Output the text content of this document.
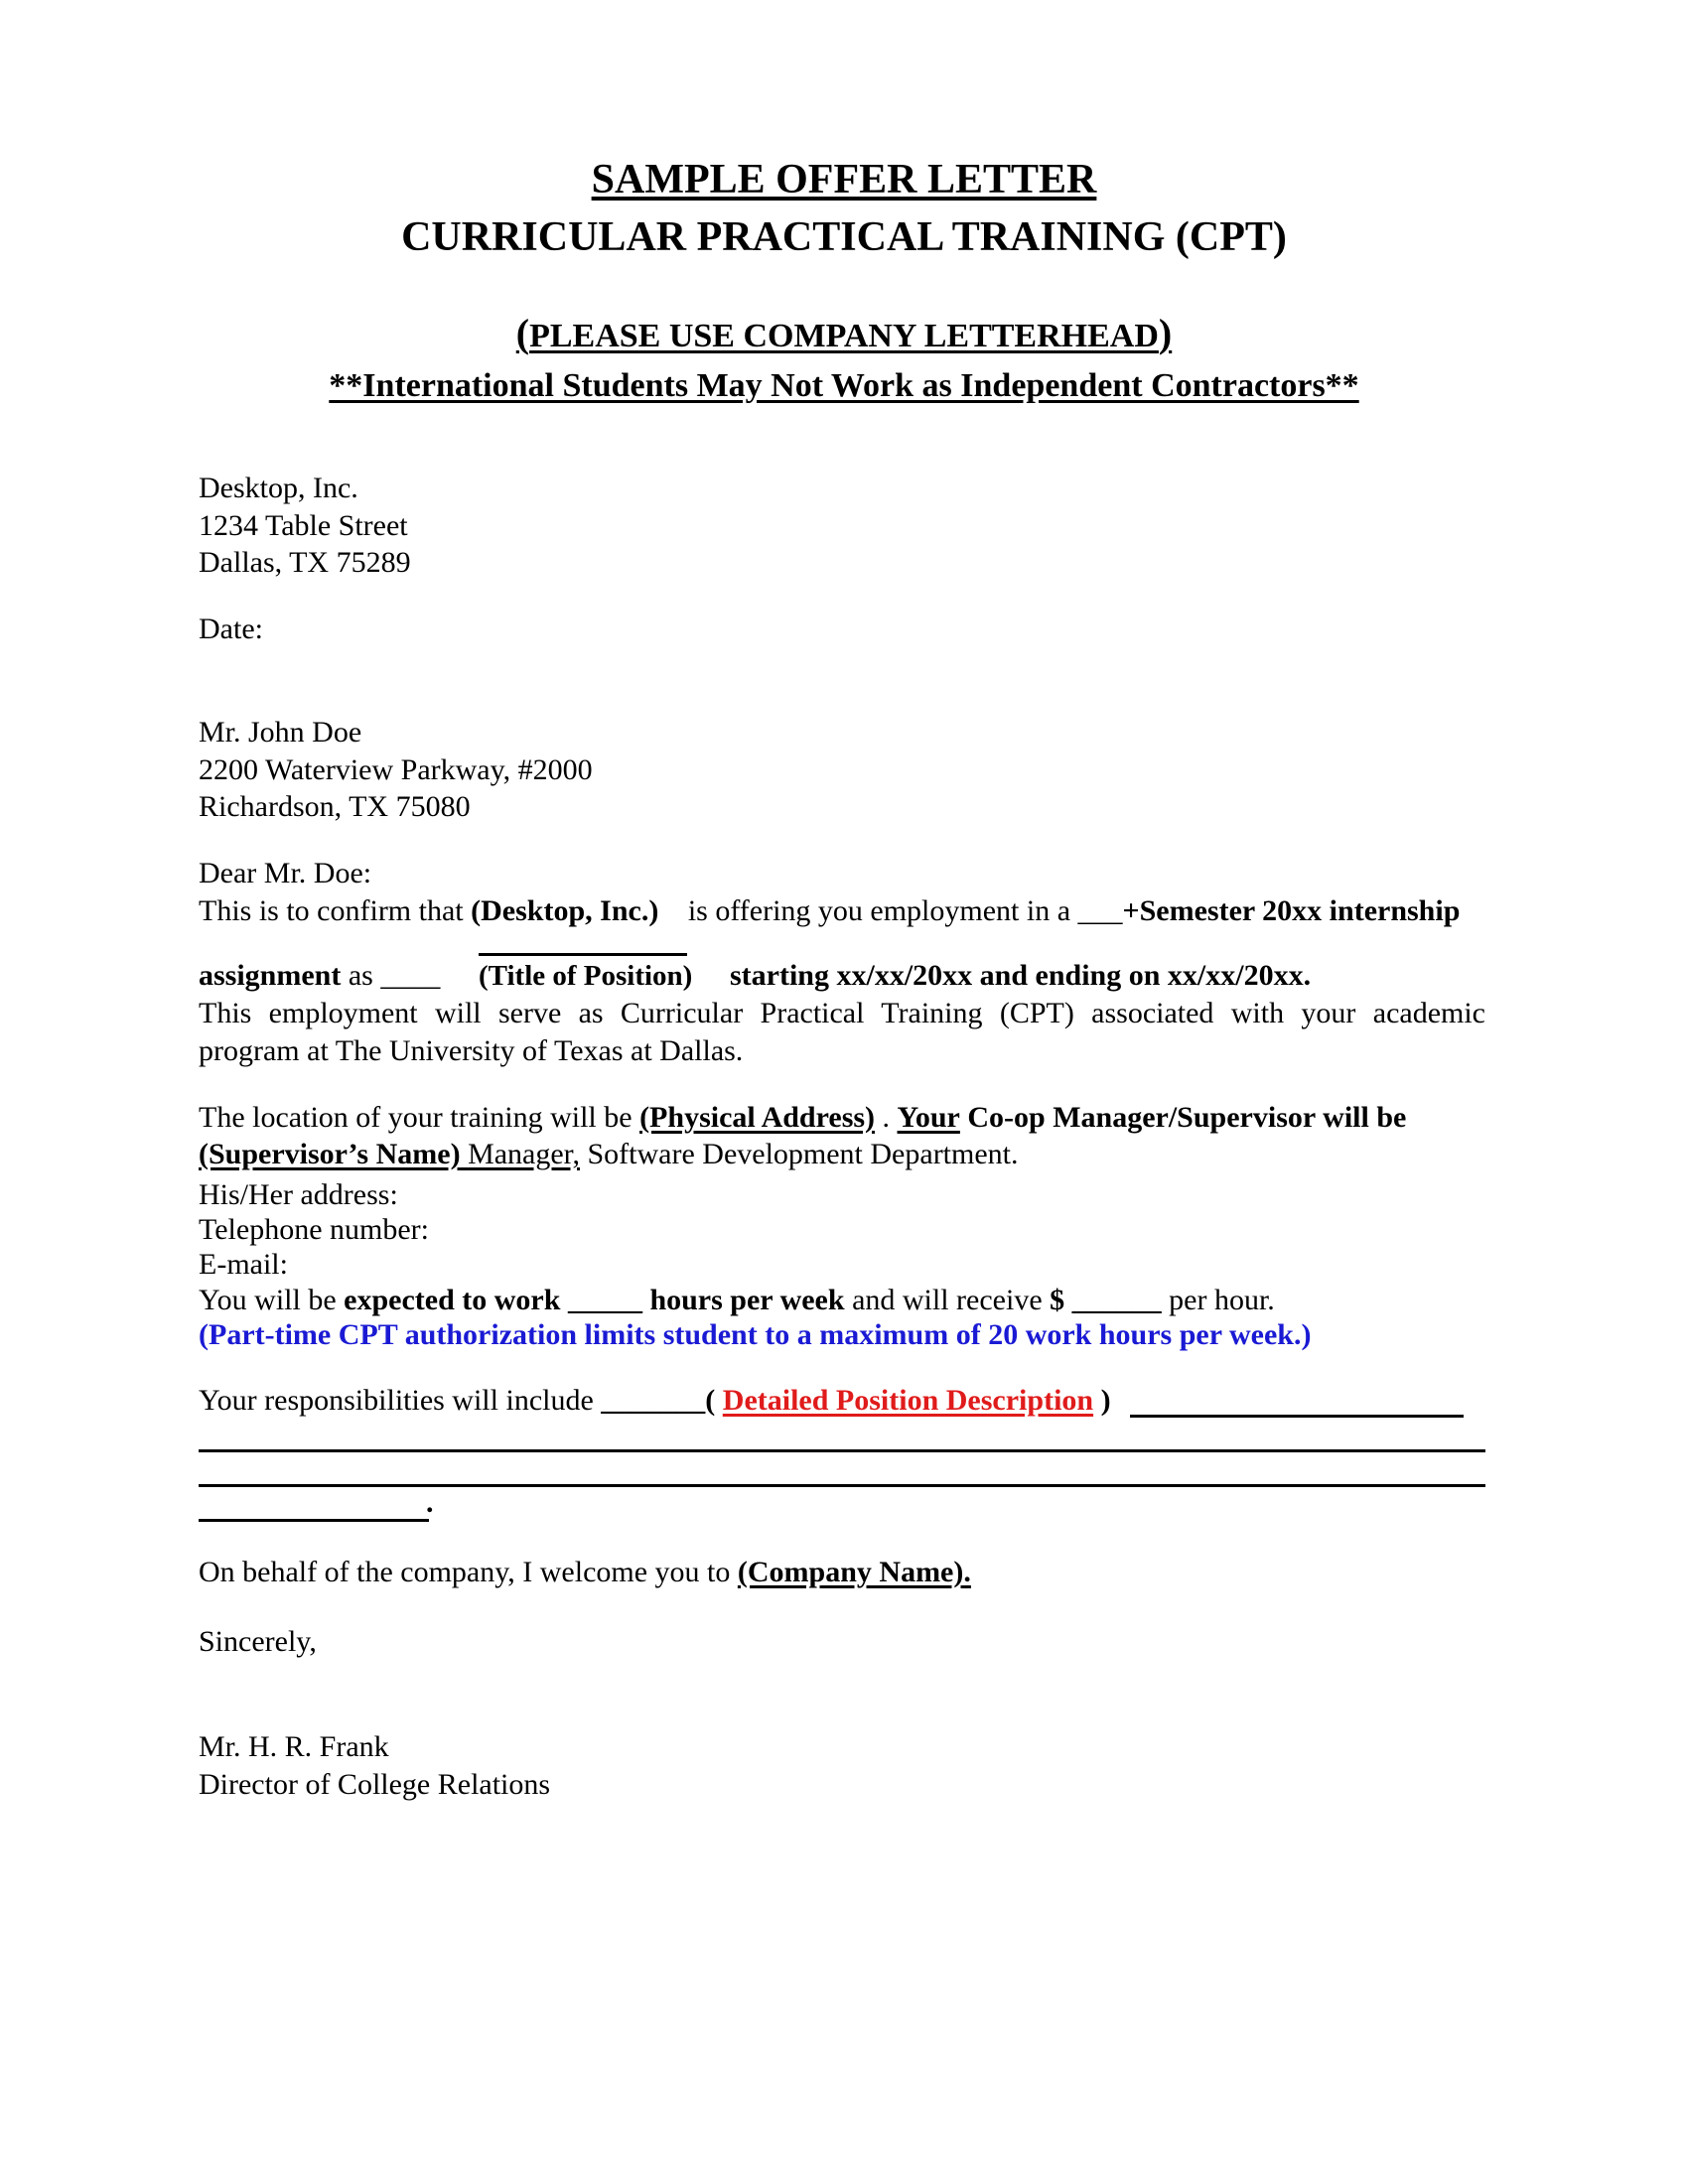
SAMPLE OFFER LETTER
CURRICULAR PRACTICAL TRAINING (CPT)
(PLEASE USE COMPANY LETTERHEAD)
**International Students May Not Work as Independent Contractors**
Desktop, Inc.
1234 Table Street
Dallas, TX 75289
Date:
Mr. John Doe
2200 Waterview Parkway, #2000
Richardson, TX 75080
Dear Mr. Doe:
This is to confirm that (Desktop, Inc.) is offering you employment in a ___+Semester 20xx internship
assignment as ____ (Title of Position) starting xx/xx/20xx and ending on xx/xx/20xx.
This employment will serve as Curricular Practical Training (CPT) associated with your academic
program at The University of Texas at Dallas.
The location of your training will be (Physical Address) . Your Co-op Manager/Supervisor will be
(Supervisor’s Name) Manager, Software Development Department.
His/Her address:
Telephone number:
E-mail:
You will be expected to work _____ hours per week and will receive $ ______ per hour.
(Part-time CPT authorization limits student to a maximum of 20 work hours per week.)
Your responsibilities will include _______( Detailed Position Description )
.
On behalf of the company, I welcome you to (Company Name).
Sincerely,
Mr. H. R. Frank
Director of College Relations
